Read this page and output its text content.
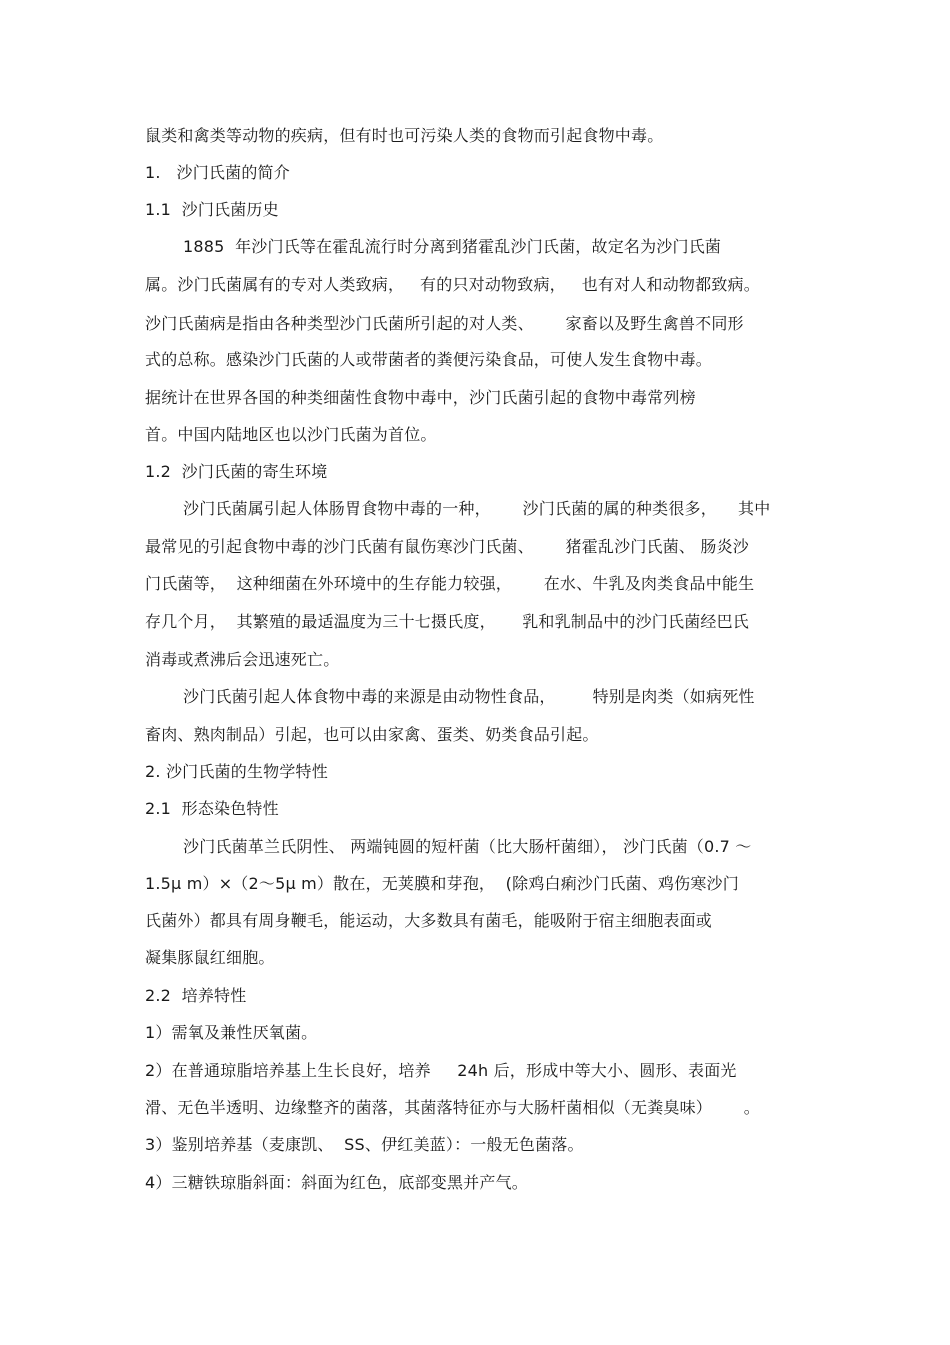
鼠类和禽类等动物的疾病，但有时也可污染人类的食物而引起食物中毒。
1.   沙门氏菌的简介
1.1  沙门氏菌历史
1885  年沙门氏等在霍乱流行时分离到猪霍乱沙门氏菌，故定名为沙门氏菌
属。沙门氏菌属有的专对人类致病，   有的只对动物致病，   也有对人和动物都致病。
沙门氏菌病是指由各种类型沙门氏菌所引起的对人类、      家畜以及野生禽兽不同形
式的总称。感染沙门氏菌的人或带菌者的粪便污染食品，可使人发生食物中毒。
据统计在世界各国的种类细菌性食物中毒中，沙门氏菌引起的食物中毒常列榜
首。中国内陆地区也以沙门氏菌为首位。
1.2  沙门氏菌的寄生环境
沙门氏菌属引起人体肠胃食物中毒的一种，      沙门氏菌的属的种类很多，    其中
最常见的引起食物中毒的沙门氏菌有鼠伤寒沙门氏菌、      猪霍乱沙门氏菌、 肠炎沙
门氏菌等，  这种细菌在外环境中的生存能力较强，      在水、牛乳及肉类食品中能生
存几个月，  其繁殖的最适温度为三十七摄氏度，     乳和乳制品中的沙门氏菌经巴氏
消毒或煮沸后会迅速死亡。
沙门氏菌引起人体食物中毒的来源是由动物性食品，       特别是肉类（如病死性
畜肉、熟肉制品）引起，也可以由家禽、蛋类、奶类食品引起。
2. 沙门氏菌的生物学特性
2.1  形态染色特性
沙门氏菌革兰氏阴性、 两端钝圆的短杆菌（比大肠杆菌细）， 沙门氏菌（0.7 ～
1.5μ m）×（2～5μ m）散在，无荚膜和芽孢，  (除鸡白痢沙门氏菌、鸡伤寒沙门
氏菌外）都具有周身鞭毛，能运动，大多数具有菌毛，能吸附于宿主细胞表面或
凝集豚鼠红细胞。
2.2  培养特性
1）需氧及兼性厌氧菌。
2）在普通琼脂培养基上生长良好，培养     24h 后，形成中等大小、圆形、表面光
滑、无色半透明、边缘整齐的菌落，其菌落特征亦与大肠杆菌相似（无粪臭味）      。
3）鉴别培养基（麦康凯、  SS、伊红美蓝）：一般无色菌落。
4）三糖铁琼脂斜面：斜面为红色，底部变黑并产气。
